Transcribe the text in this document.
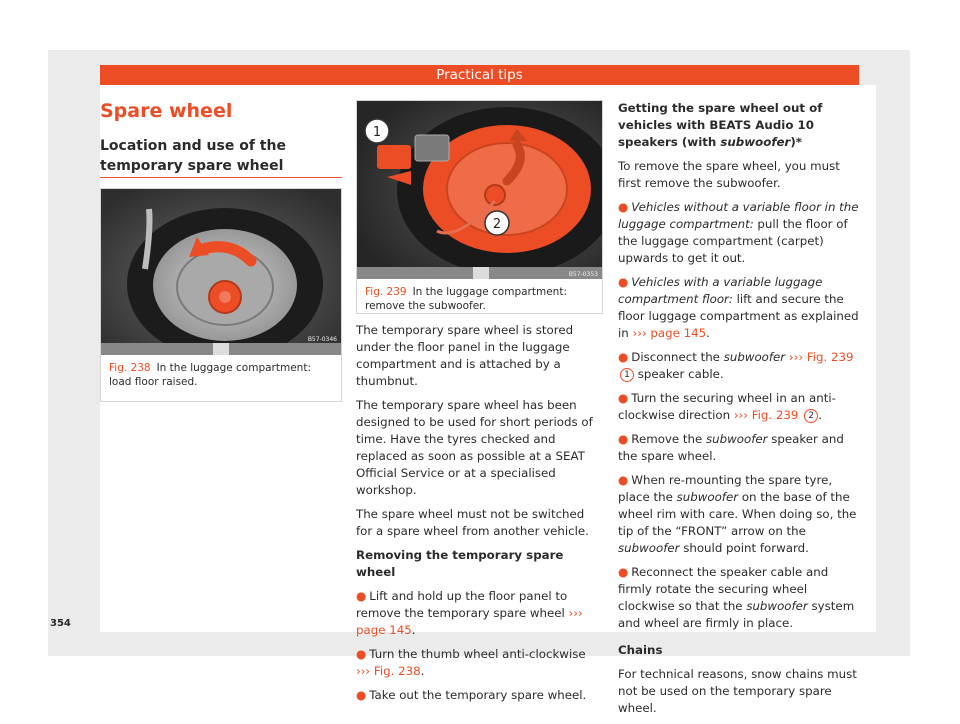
Practical tips
Spare wheel
Location and use of the temporary spare wheel
B57-0346
Fig. 238 In the luggage compartment: load floor raised.
1
2
B57-0353
Fig. 239 In the luggage compartment: remove the subwoofer.

The temporary spare wheel is stored under the floor panel in the luggage compartment and is attached by a thumbnut.

The temporary spare wheel has been designed to be used for short periods of time. Have the tyres checked and replaced as soon as possible at a SEAT Official Service or at a specialised workshop.

The spare wheel must not be switched for a spare wheel from another vehicle.

Removing the temporary spare wheel

● Lift and hold up the floor panel to remove the temporary spare wheel ››› page 145.

● Turn the thumb wheel anti-clockwise
››› Fig. 238.

● Take out the temporary spare wheel.

Getting the spare wheel out of vehicles with BEATS Audio 10 speakers (with subwoofer)*

To remove the spare wheel, you must first remove the subwoofer.

● Vehicles without a variable floor in the luggage compartment: pull the floor of the luggage compartment (carpet) upwards to get it out.

● Vehicles with a variable luggage compartment floor: lift and secure the floor luggage compartment as explained in ››› page 145.

● Disconnect the subwoofer ››› Fig. 239 1 speaker cable.

● Turn the securing wheel in an anti-clockwise direction ››› Fig. 239 2 .

● Remove the subwoofer speaker and the spare wheel.

● When re-mounting the spare tyre, place the subwoofer on the base of the wheel rim with care. When doing so, the tip of the “FRONT” arrow on the subwoofer should point forward.

● Reconnect the speaker cable and firmly rotate the securing wheel clockwise so that the subwoofer system and wheel are firmly in place.

Chains

For technical reasons, snow chains must not be used on the temporary spare wheel.

354
